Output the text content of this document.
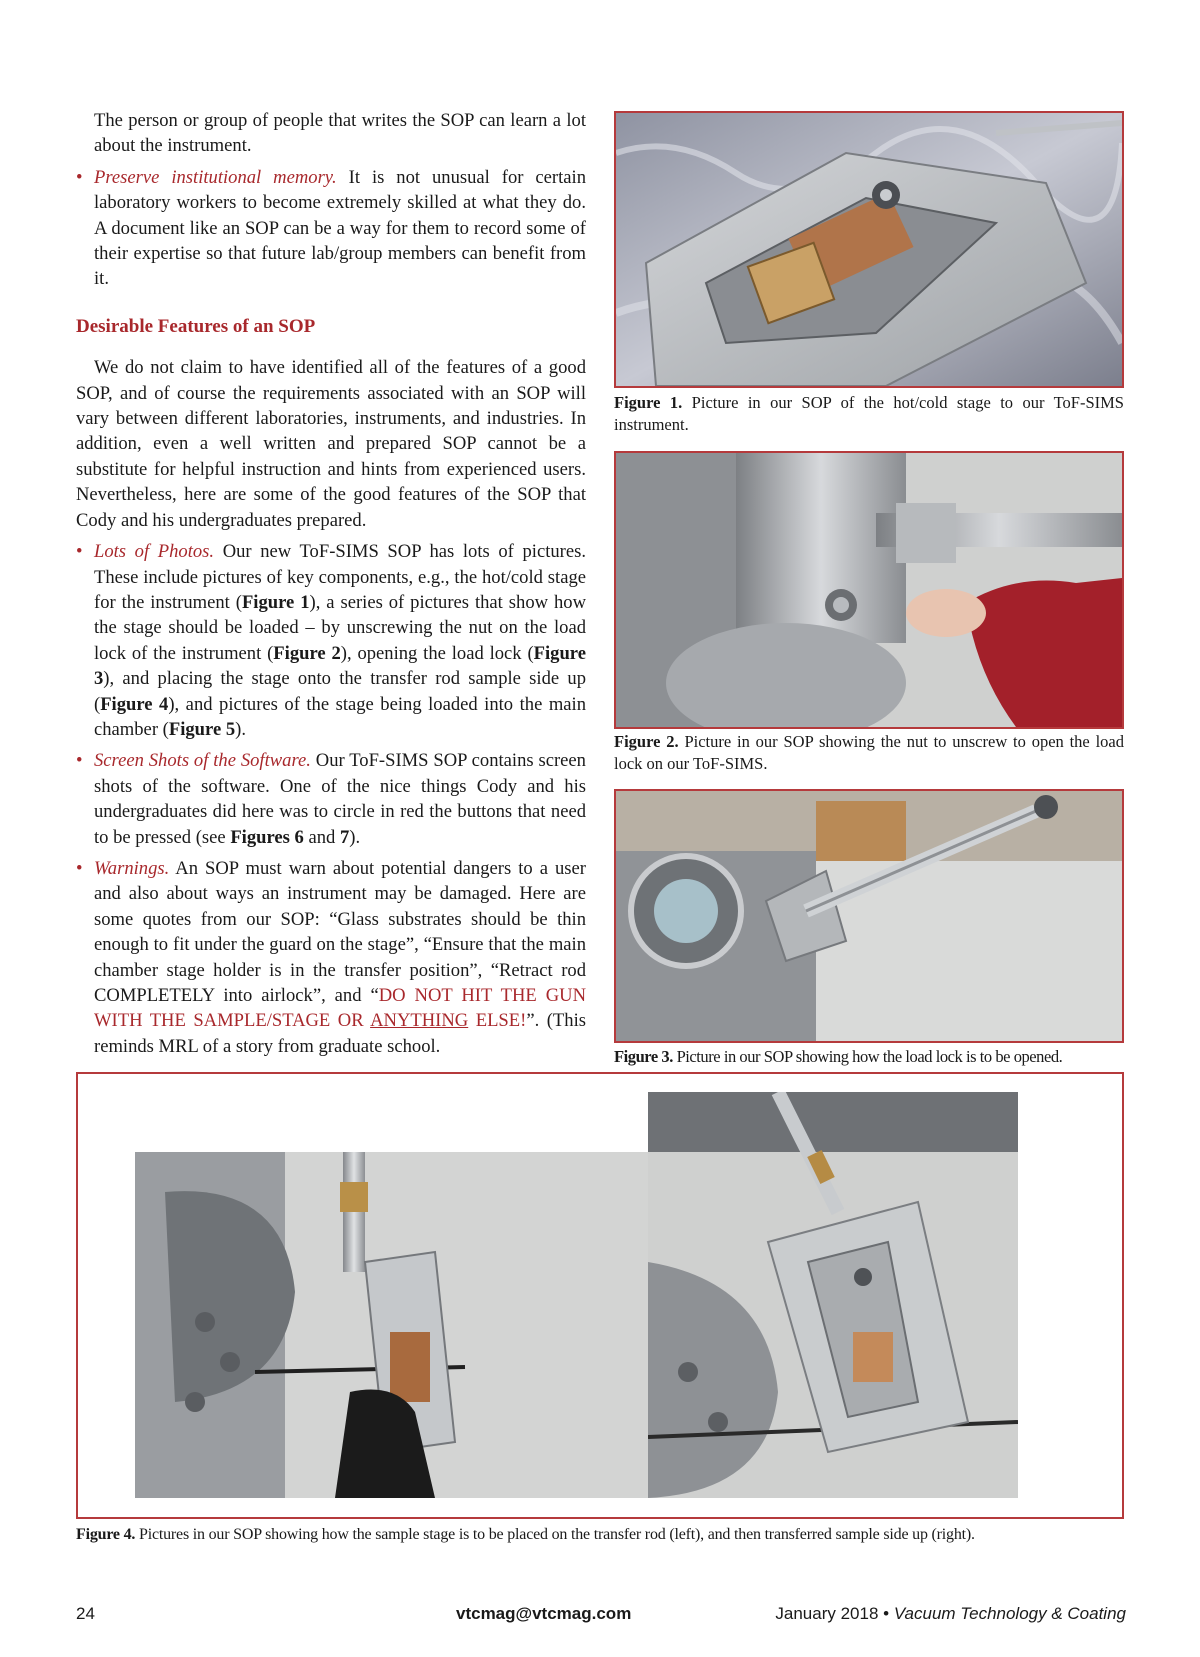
The person or group of people that writes the SOP can learn a lot about the instrument.

• Preserve institutional memory. It is not unusual for certain laboratory workers to become extremely skilled at what they do. A document like an SOP can be a way for them to record some of their expertise so that future lab/group members can benefit from it.

Desirable Features of an SOP

We do not claim to have identified all of the features of a good SOP, and of course the requirements associated with an SOP will vary between different laboratories, instruments, and industries. In addition, even a well written and prepared SOP cannot be a substitute for helpful instruction and hints from experienced users. Nevertheless, here are some of the good features of the SOP that Cody and his undergraduates prepared.

• Lots of Photos. Our new ToF-SIMS SOP has lots of pictures. These include pictures of key components, e.g., the hot/cold stage for the instrument (Figure 1), a series of pictures that show how the stage should be loaded – by unscrewing the nut on the load lock of the instrument (Figure 2), opening the load lock (Figure 3), and placing the stage onto the transfer rod sample side up (Figure 4), and pictures of the stage being loaded into the main chamber (Figure 5).

• Screen Shots of the Software. Our ToF-SIMS SOP contains screen shots of the software. One of the nice things Cody and his undergraduates did here was to circle in red the buttons that need to be pressed (see Figures 6 and 7).

• Warnings. An SOP must warn about potential dangers to a user and also about ways an instrument may be damaged. Here are some quotes from our SOP: “Glass substrates should be thin enough to fit under the guard on the stage”, “Ensure that the main chamber stage holder is in the transfer position”, “Retract rod COMPLETELY into airlock”, and “DO NOT HIT THE GUN WITH THE SAMPLE/STAGE OR ANYTHING ELSE!”. (This reminds MRL of a story from graduate school.

Figure 1. Picture in our SOP of the hot/cold stage to our ToF-SIMS instrument.
Figure 2. Picture in our SOP showing the nut to unscrew to open the load lock on our ToF-SIMS.
Figure 3. Picture in our SOP showing how the load lock is to be opened.
Figure 4. Pictures in our SOP showing how the sample stage is to be placed on the transfer rod (left), and then transferred sample side up (right).
24	vtcmag@vtcmag.com	January 2018 • Vacuum Technology & Coating
